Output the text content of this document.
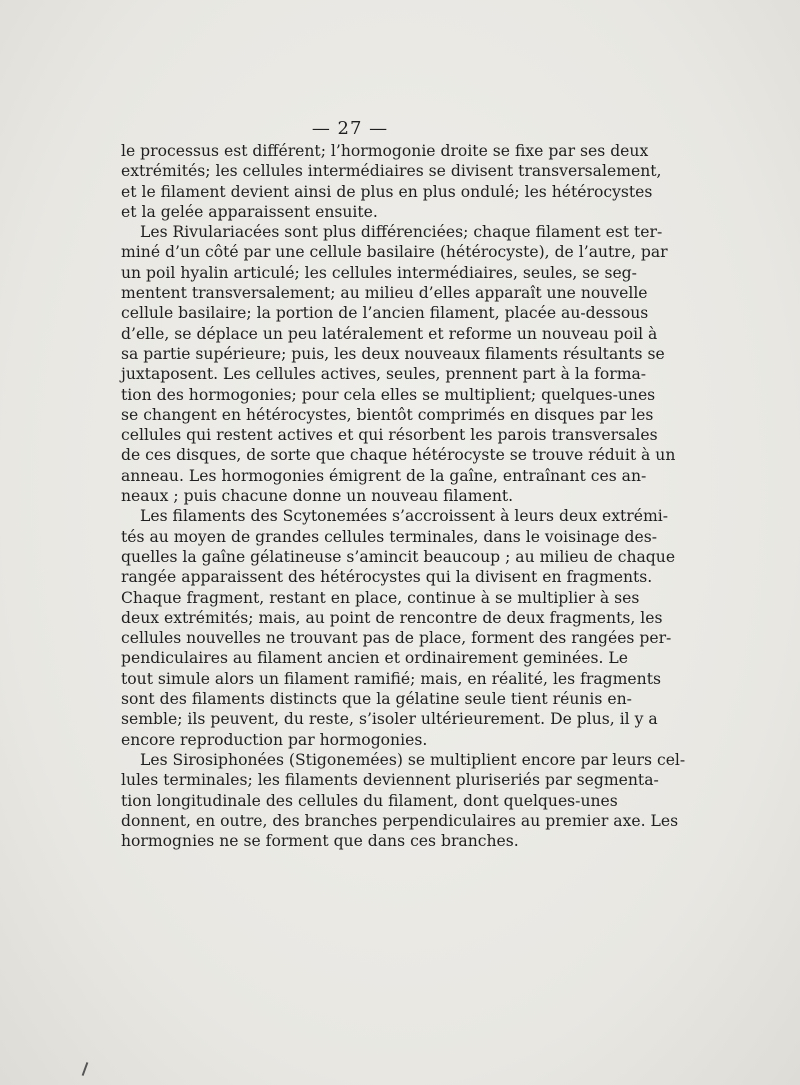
— 27 —
le processus est différent; l’hormogonie droite se fixe par ses deux
extrémités; les cellules intermédiaires se divisent transversalement,
et le filament devient ainsi de plus en plus ondulé; les hétérocystes
et la gelée apparaissent ensuite.
Les Rivulariacées sont plus différenciées; chaque filament est ter-
miné d’un côté par une cellule basilaire (hétérocyste), de l’autre, par
un poil hyalin articulé; les cellules intermédiaires, seules, se seg-
mentent transversalement; au milieu d’elles apparaît une nouvelle
cellule basilaire; la portion de l’ancien filament, placée au-dessous
d’elle, se déplace un peu latéralement et reforme un nouveau poil à
sa partie supérieure; puis, les deux nouveaux filaments résultants se
juxtaposent. Les cellules actives, seules, prennent part à la forma-
tion des hormogonies; pour cela elles se multiplient; quelques-unes
se changent en hétérocystes, bientôt comprimés en disques par les
cellules qui restent actives et qui résorbent les parois transversales
de ces disques, de sorte que chaque hétérocyste se trouve réduit à un
anneau. Les hormogonies émigrent de la gaîne, entraînant ces an-
neaux ; puis chacune donne un nouveau filament.
Les filaments des Scytonemées s’accroissent à leurs deux extrémi-
tés au moyen de grandes cellules terminales, dans le voisinage des-
quelles la gaîne gélatineuse s’amincit beaucoup ; au milieu de chaque
rangée apparaissent des hétérocystes qui la divisent en fragments.
Chaque fragment, restant en place, continue à se multiplier à ses
deux extrémités; mais, au point de rencontre de deux fragments, les
cellules nouvelles ne trouvant pas de place, forment des rangées per-
pendiculaires au filament ancien et ordinairement geminées. Le
tout simule alors un filament ramifié; mais, en réalité, les fragments
sont des filaments distincts que la gélatine seule tient réunis en-
semble; ils peuvent, du reste, s’isoler ultérieurement. De plus, il y a
encore reproduction par hormogonies.
Les Sirosiphonées (Stigonemées) se multiplient encore par leurs cel-
lules terminales; les filaments deviennent pluriseriés par segmenta-
tion longitudinale des cellules du filament, dont quelques-unes
donnent, en outre, des branches perpendiculaires au premier axe. Les
hormognies ne se forment que dans ces branches.
